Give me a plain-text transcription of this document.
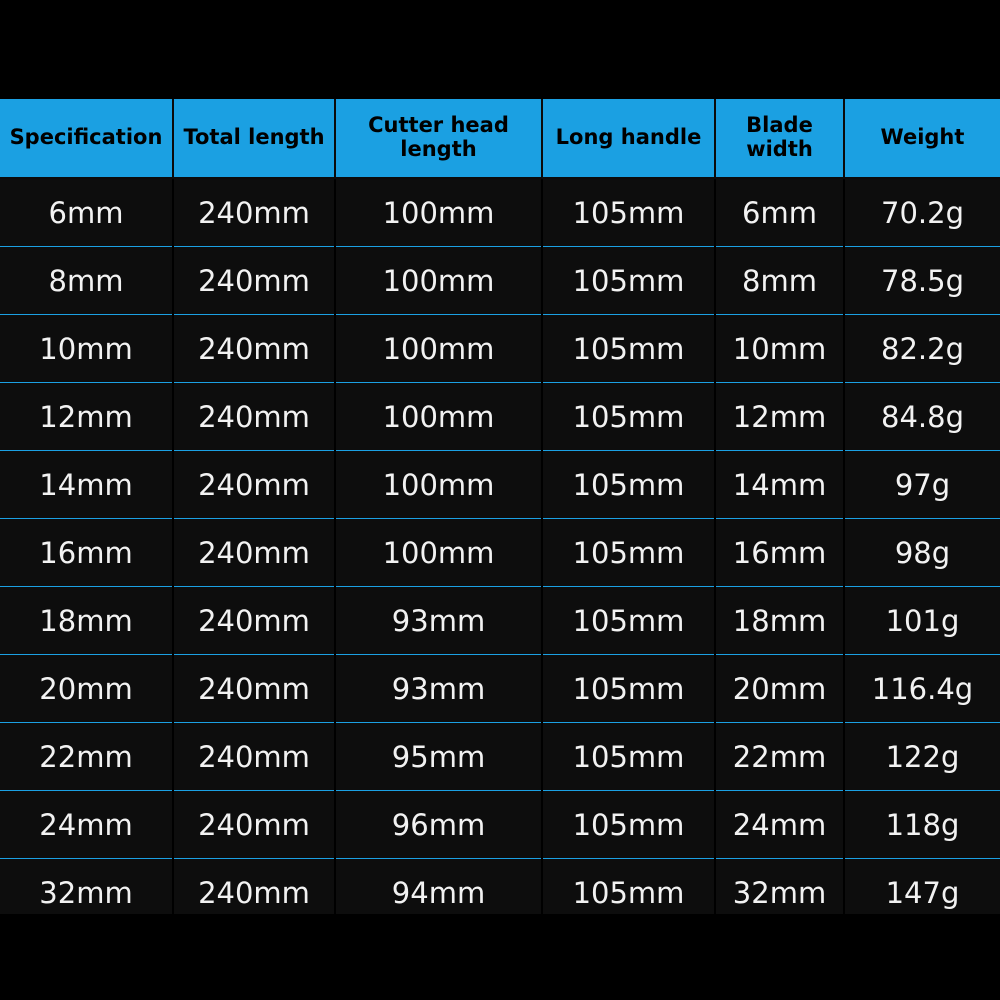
Specification	Total length	Cutter head length	Long handle	Blade width	Weight
6mm	240mm	100mm	105mm	6mm	70.2g
8mm	240mm	100mm	105mm	8mm	78.5g
10mm	240mm	100mm	105mm	10mm	82.2g
12mm	240mm	100mm	105mm	12mm	84.8g
14mm	240mm	100mm	105mm	14mm	97g
16mm	240mm	100mm	105mm	16mm	98g
18mm	240mm	93mm	105mm	18mm	101g
20mm	240mm	93mm	105mm	20mm	116.4g
22mm	240mm	95mm	105mm	22mm	122g
24mm	240mm	96mm	105mm	24mm	118g
32mm	240mm	94mm	105mm	32mm	147g
